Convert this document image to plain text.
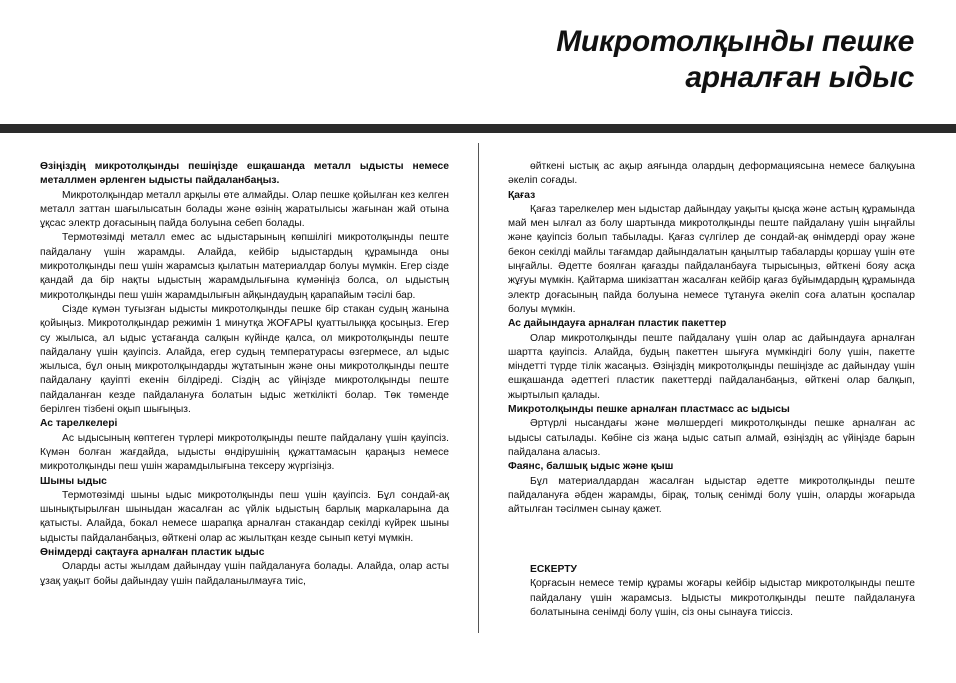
Микротолқынды пешке
арналған ыдыс

Өзіңіздің микротолқынды пешіңізде ешқашанда металл ыдысты немесе металлмен әрленген ыдысты пайдаланбаңыз.

Микротолқындар металл арқылы өте алмайды. Олар пешке қойылған кез келген металл заттан шағылысатын болады және өзінің жаратылысы жағынан жай отына ұқсас электр доғасының пайда болуына себеп болады.

Термотөзімді металл емес ас ыдыстарының көпшілігі микротолқынды пеште пайдалану үшін жарамды. Алайда, кейбір ыдыстардың құрамында оны микротолқынды пеш үшін жарамсыз қылатын материалдар болуы мүмкін. Егер сізде қандай да бір нақты ыдыстың жарамдылығына күмәніңіз болса, ол ыдыстың микротолқынды пеш үшін жарамдылығын айқындаудың қарапайым тәсілі бар.

Сізде күмән туғызған ыдысты микротолқынды пешке бір стакан судың жанына қойыңыз. Микротолқындар режимін 1 минутқа ЖОҒАРЫ қуаттылыққа қосыңыз. Егер су жылыса, ал ыдыс ұстағанда салқын күйінде қалса, ол микротолқынды пеште пайдалану үшін қауіпсіз. Алайда, егер судың температурасы өзгермесе, ал ыдыс жылыса, бұл оның микротолқындарды жұтатынын және оны микротолқынды пеште пайдалану қауіпті екенін білдіреді. Сіздің ас үйіңізде микротолқынды пеште пайдаланған кезде пайдалануға болатын ыдыс жеткілікті болар. Төк төменде берілген тізбені оқып шығыңыз.

Ас тарелкелері

Ас ыдысының көптеген түрлері микротолқынды пеште пайдалану үшін қауіпсіз. Күмән болған жағдайда, ыдысты өндірушінің құжаттамасын қараңыз немесе микротолқынды пеш үшін жарамдылығына тексеру жүргізіңіз.

Шыны ыдыс

Термотөзімді шыны ыдыс микротолқынды пеш үшін қауіпсіз. Бұл сондай-ақ шынықтырылған шыныдан жасалған ас үйлік ыдыстың барлық маркаларына да қатысты. Алайда, бокал немесе шарапқа арналған стакандар секілді күйрек шыны ыдысты пайдаланбаңыз, өйткені олар ас жылытқан кезде сынып кетуі мүмкін.

Өнімдерді сақтауға арналған пластик ыдыс

Оларды асты жылдам дайындау үшін пайдалануға болады. Алайда, олар асты ұзақ уақыт бойы дайындау үшін пайдаланылмауға тиіс,

өйткені ыстық ас ақыр аяғында олардың деформациясына немесе балқуына әкеліп соғады.

Қағаз

Қағаз тарелкелер мен ыдыстар дайындау уақыты қысқа және астың құрамында май мен ылғал аз болу шартында микротолқынды пеште пайдалану үшін ыңғайлы және қауіпсіз болып табылады. Қағаз сүлгілер де сондай-ақ өнімдерді орау және бекон секілді майлы тағамдар дайындалатын қаңылтыр табаларды қоршау үшін өте ыңғайлы. Әдетте боялған қағазды пайдаланбауға тырысыңыз, өйткені бояу асқа жұғуы мүмкін. Қайтарма шикізаттан жасалған кейбір қағаз бұйымдардың құрамында электр доғасының пайда болуына немесе тұтануға әкеліп соға алатын қоспалар болуы мүмкін.

Ас дайындауға арналған пластик пакеттер

Олар микротолқынды пеште пайдалану үшін олар ас дайындауға арналған шартта қауіпсіз. Алайда, будың пакеттен шығуға мүмкіндігі болу үшін, пакетте міндетті түрде тілік жасаңыз. Өзіңіздің микротолқынды пешіңізде ас дайындау үшін ешқашанда әдеттегі пластик пакеттерді пайдаланбаңыз, өйткені олар балқып, жыртылып қалады.

Микротолқынды пешке арналған пластмасс ас ыдысы

Әртүрлі нысандағы және мөлшердегі микротолқынды пешке арналған ас ыдысы сатылады. Көбіне сіз жаңа ыдыс сатып алмай, өзіңіздің ас үйіңізде барын пайдалана аласыз.

Фаянс, балшық ыдыс және қыш

Бұл материалдардан жасалған ыдыстар әдетте микротолқынды пеште пайдалануға әбден жарамды, бірақ, толық сенімді болу үшін, оларды жоғарыда айтылған тәсілмен сынау қажет.

ЕСКЕРТУ

Қорғасын немесе темір құрамы жоғары кейбір ыдыстар микротолқынды пеште пайдалану үшін жарамсыз. Ыдысты микротолқынды пеште пайдалануға болатынына сенімді болу үшін, сіз оны сынауға тиіссіз.
